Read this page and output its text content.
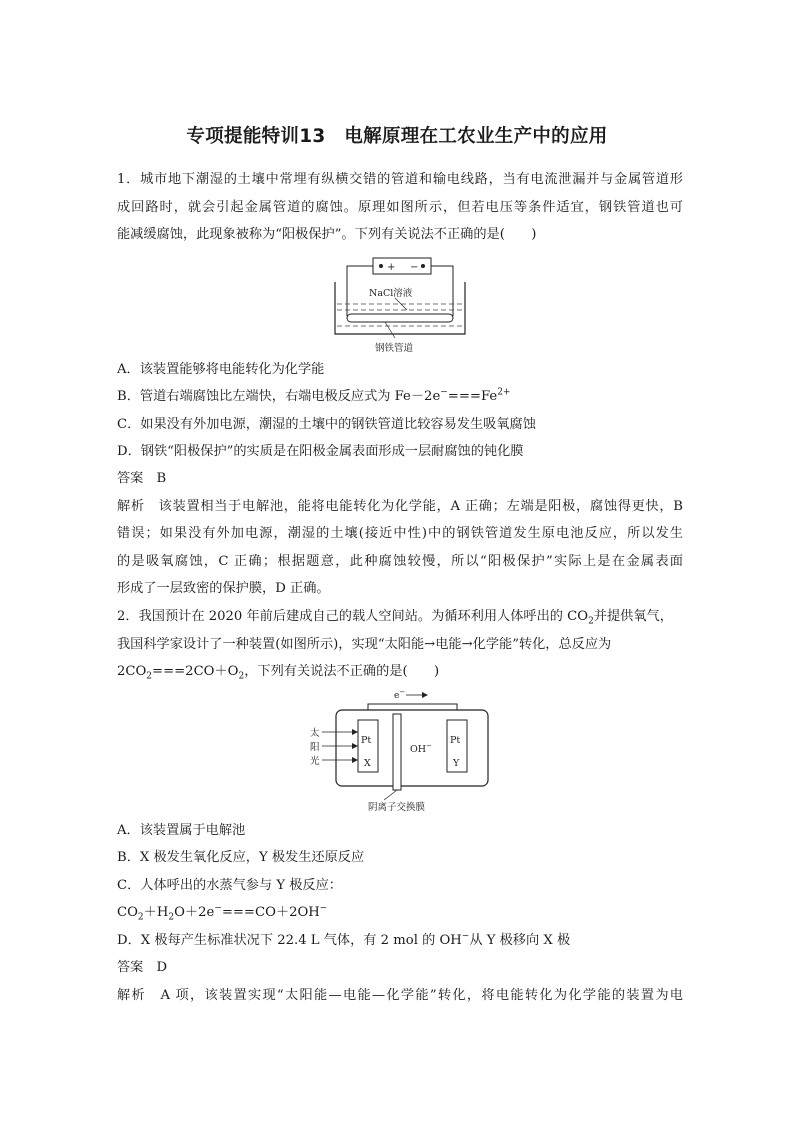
专项提能特训13　电解原理在工农业生产中的应用
1．城市地下潮湿的土壤中常埋有纵横交错的管道和输电线路，当有电流泄漏并与金属管道形
成回路时，就会引起金属管道的腐蚀。原理如图所示，但若电压等条件适宜，钢铁管道也可
能减缓腐蚀，此现象被称为“阳极保护”。下列有关说法不正确的是(　　)
+ −
NaCl溶液
钢铁管道
A．该装置能够将电能转化为化学能
B．管道右端腐蚀比左端快，右端电极反应式为 $Fe-2e^-===Fe^{2+}$
C．如果没有外加电源，潮湿的土壤中的钢铁管道比较容易发生吸氧腐蚀
D．钢铁“阳极保护”的实质是在阳极金属表面形成一层耐腐蚀的钝化膜
答案　B
解析　该装置相当于电解池，能将电能转化为化学能，A 正确；左端是阳极，腐蚀得更快，B
错误；如果没有外加电源，潮湿的土壤(接近中性)中的钢铁管道发生原电池反应，所以发生
的是吸氧腐蚀，C 正确；根据题意，此种腐蚀较慢，所以“阳极保护”实际上是在金属表面
形成了一层致密的保护膜，D 正确。
2．我国预计在 2020 年前后建成自己的载人空间站。为循环利用人体呼出的 $CO_2$并提供氧气，
我国科学家设计了一种装置(如图所示)，实现“太阳能→电能→化学能”转化，总反应为
$2CO_2===2CO+O_2$，下列有关说法不正确的是(　　)
e−
Pt
X
Pt
Y
OH−
阴离子交换膜
太
阳
光
A．该装置属于电解池
B．X 极发生氧化反应，Y 极发生还原反应
C．人体呼出的水蒸气参与 Y 极反应：
$CO_2+H_2O+2e^-===CO+2OH^-$
D．X 极每产生标准状况下 22.4 L 气体，有 2 mol 的 OH−从 Y 极移向 X 极
答案　D
解析　A 项，该装置实现“太阳能—电能—化学能”转化，将电能转化为化学能的装置为电
